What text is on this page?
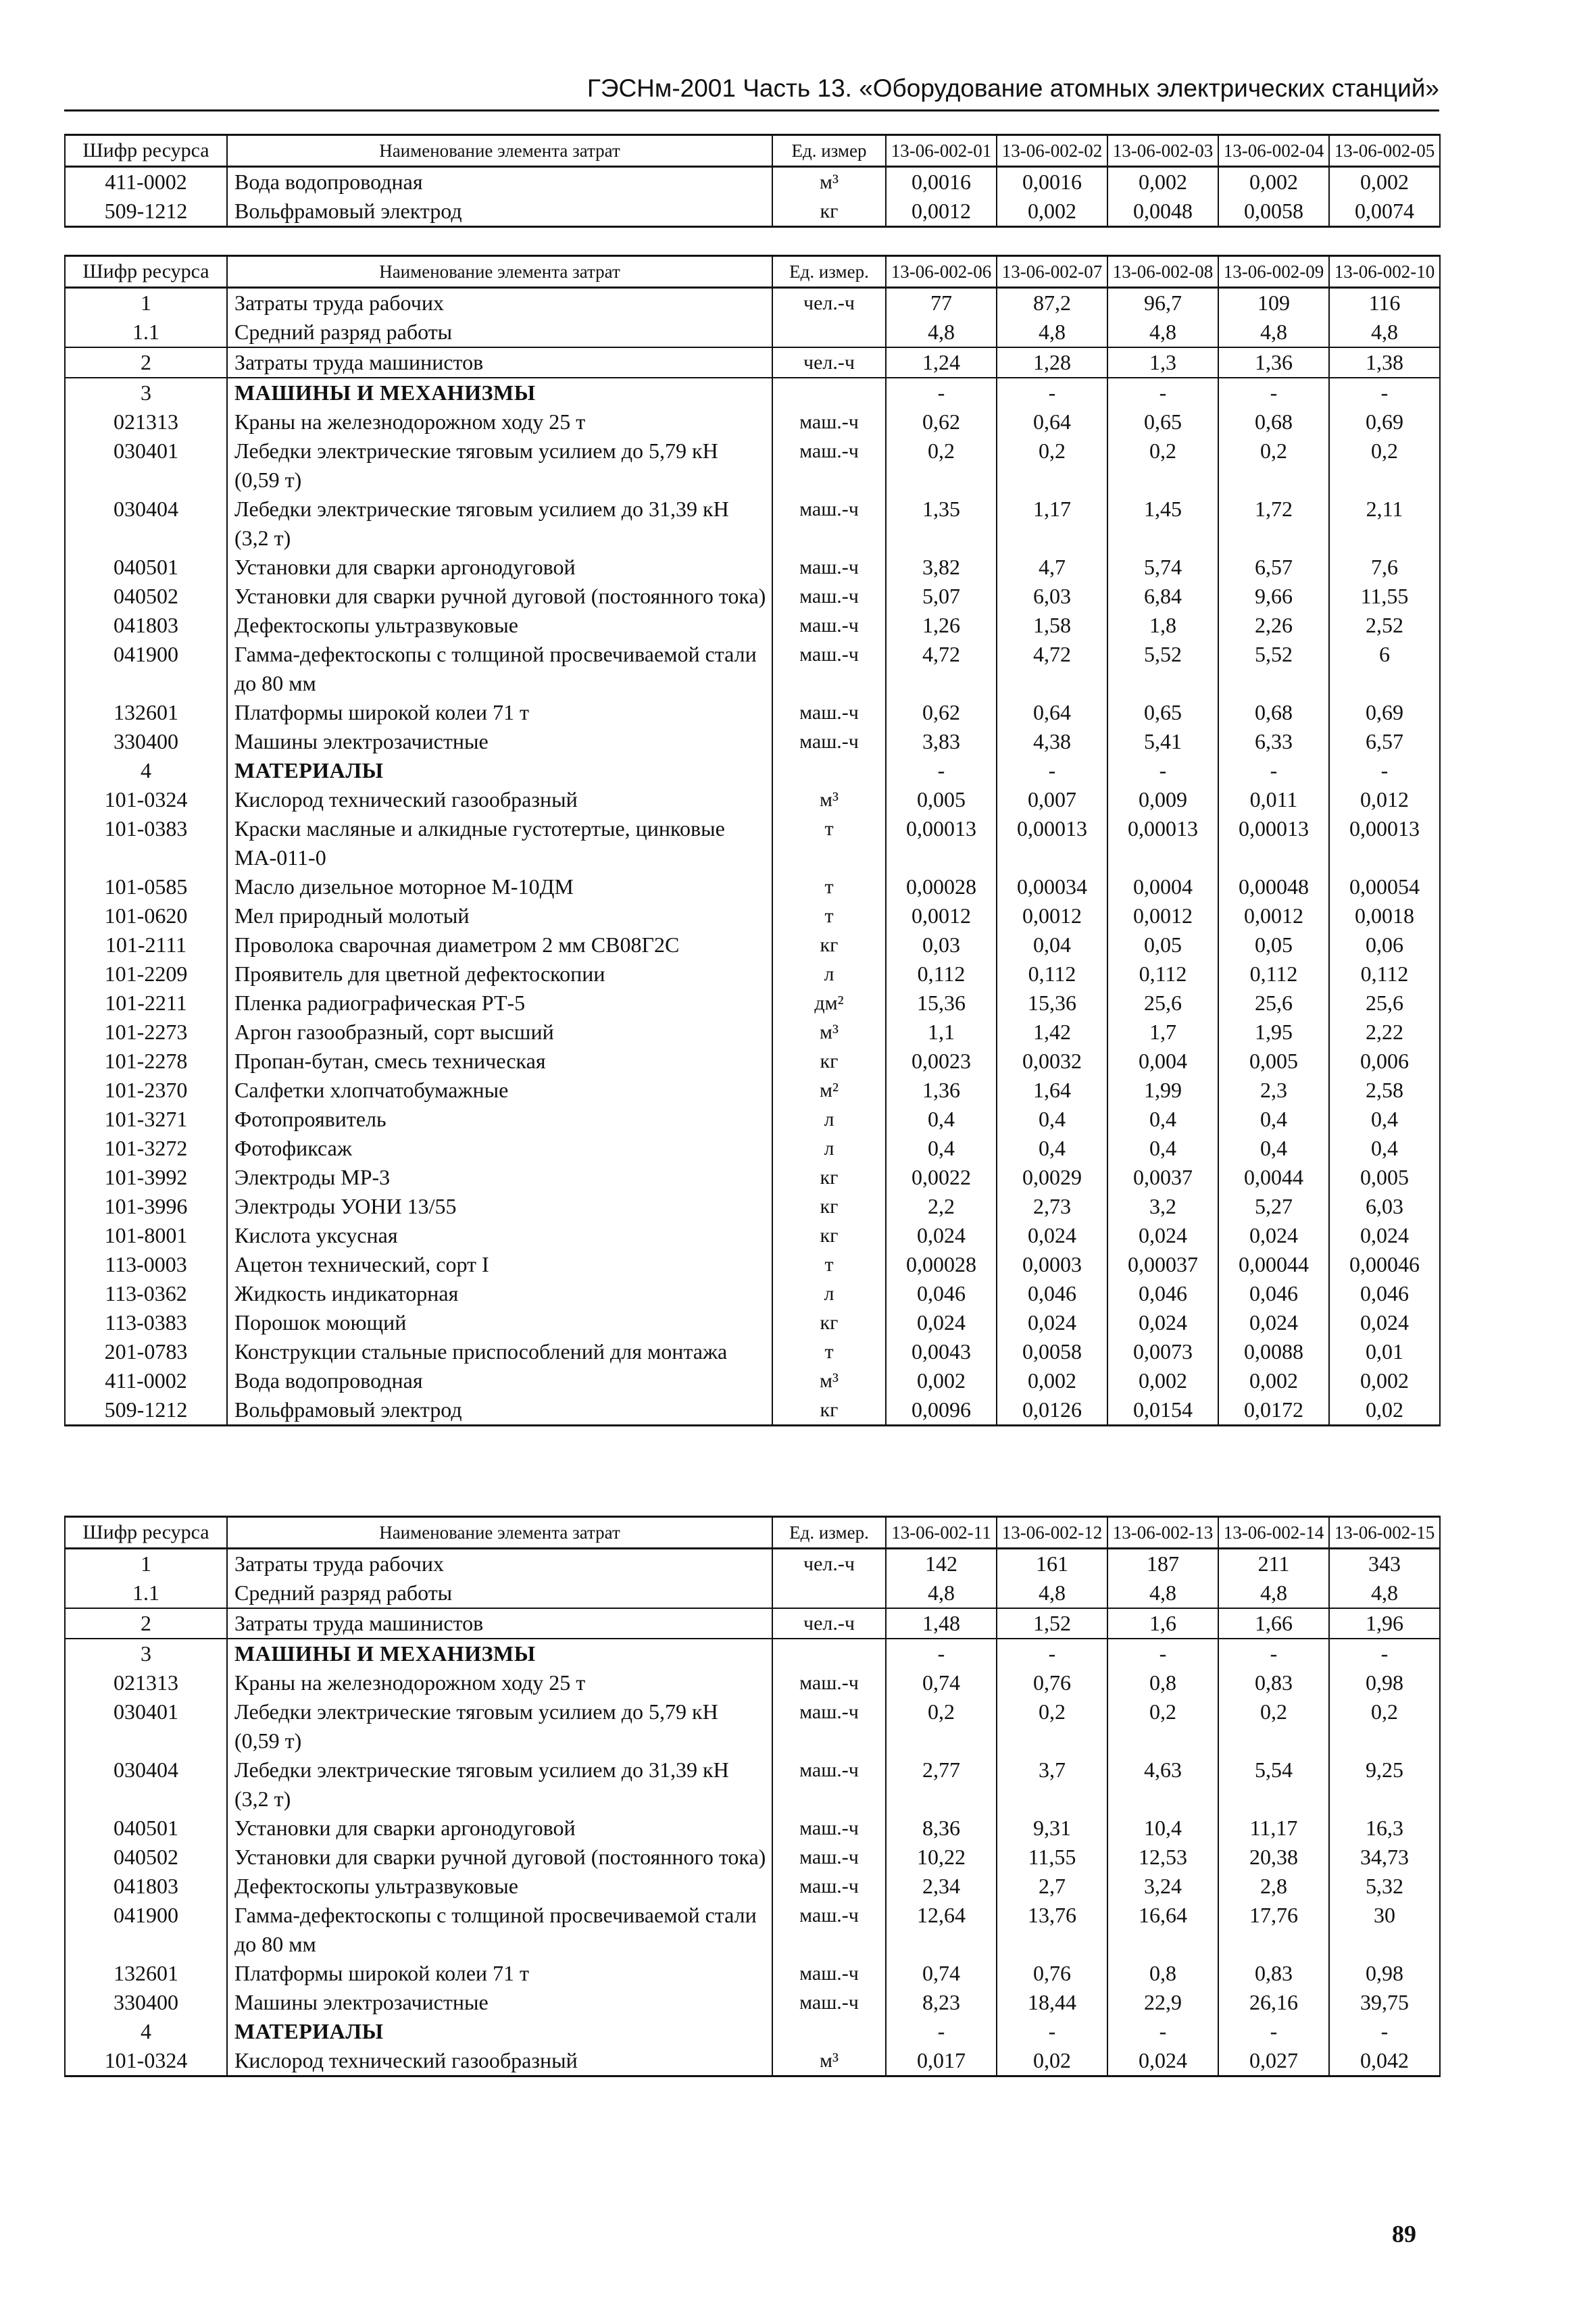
ГЭСНм-2001 Часть 13. «Оборудование атомных электрических станций»
Шифр ресурса	Наименование элемента затрат	Ед. измер	13-06-002-01	13-06-002-02	13-06-002-03	13-06-002-04	13-06-002-05
411-0002	Вода водопроводная	м³	0,0016	0,0016	0,002	0,002	0,002
509-1212	Вольфрамовый электрод	кг	0,0012	0,002	0,0048	0,0058	0,0074
Шифр ресурса	Наименование элемента затрат	Ед. измер.	13-06-002-06	13-06-002-07	13-06-002-08	13-06-002-09	13-06-002-10
1	Затраты труда рабочих	чел.-ч	77	87,2	96,7	109	116
1.1	Средний разряд работы		4,8	4,8	4,8	4,8	4,8
2	Затраты труда машинистов	чел.-ч	1,24	1,28	1,3	1,36	1,38
3	МАШИНЫ И МЕХАНИЗМЫ		-	-	-	-	-
021313	Краны на железнодорожном ходу 25 т	маш.-ч	0,62	0,64	0,65	0,68	0,69
030401	Лебедки электрические тяговым усилием до 5,79 кН (0,59 т)	маш.-ч	0,2	0,2	0,2	0,2	0,2
030404	Лебедки электрические тяговым усилием до 31,39 кН (3,2 т)	маш.-ч	1,35	1,17	1,45	1,72	2,11
040501	Установки для сварки аргонодуговой	маш.-ч	3,82	4,7	5,74	6,57	7,6
040502	Установки для сварки ручной дуговой (постоянного тока)	маш.-ч	5,07	6,03	6,84	9,66	11,55
041803	Дефектоскопы ультразвуковые	маш.-ч	1,26	1,58	1,8	2,26	2,52
041900	Гамма-дефектоскопы с толщиной просвечиваемой стали до 80 мм	маш.-ч	4,72	4,72	5,52	5,52	6
132601	Платформы широкой колеи 71 т	маш.-ч	0,62	0,64	0,65	0,68	0,69
330400	Машины электрозачистные	маш.-ч	3,83	4,38	5,41	6,33	6,57
4	МАТЕРИАЛЫ		-	-	-	-	-
101-0324	Кислород технический газообразный	м³	0,005	0,007	0,009	0,011	0,012
101-0383	Краски масляные и алкидные густотертые, цинковые МА-011-0	т	0,00013	0,00013	0,00013	0,00013	0,00013
101-0585	Масло дизельное моторное М-10ДМ	т	0,00028	0,00034	0,0004	0,00048	0,00054
101-0620	Мел природный молотый	т	0,0012	0,0012	0,0012	0,0012	0,0018
101-2111	Проволока сварочная диаметром 2 мм СВ08Г2С	кг	0,03	0,04	0,05	0,05	0,06
101-2209	Проявитель для цветной дефектоскопии	л	0,112	0,112	0,112	0,112	0,112
101-2211	Пленка радиографическая РТ-5	дм²	15,36	15,36	25,6	25,6	25,6
101-2273	Аргон газообразный, сорт высший	м³	1,1	1,42	1,7	1,95	2,22
101-2278	Пропан-бутан, смесь техническая	кг	0,0023	0,0032	0,004	0,005	0,006
101-2370	Салфетки хлопчатобумажные	м²	1,36	1,64	1,99	2,3	2,58
101-3271	Фотопроявитель	л	0,4	0,4	0,4	0,4	0,4
101-3272	Фотофиксаж	л	0,4	0,4	0,4	0,4	0,4
101-3992	Электроды МР-3	кг	0,0022	0,0029	0,0037	0,0044	0,005
101-3996	Электроды УОНИ 13/55	кг	2,2	2,73	3,2	5,27	6,03
101-8001	Кислота уксусная	кг	0,024	0,024	0,024	0,024	0,024
113-0003	Ацетон технический, сорт I	т	0,00028	0,0003	0,00037	0,00044	0,00046
113-0362	Жидкость индикаторная	л	0,046	0,046	0,046	0,046	0,046
113-0383	Порошок моющий	кг	0,024	0,024	0,024	0,024	0,024
201-0783	Конструкции стальные приспособлений для монтажа	т	0,0043	0,0058	0,0073	0,0088	0,01
411-0002	Вода водопроводная	м³	0,002	0,002	0,002	0,002	0,002
509-1212	Вольфрамовый электрод	кг	0,0096	0,0126	0,0154	0,0172	0,02
Шифр ресурса	Наименование элемента затрат	Ед. измер.	13-06-002-11	13-06-002-12	13-06-002-13	13-06-002-14	13-06-002-15
1	Затраты труда рабочих	чел.-ч	142	161	187	211	343
1.1	Средний разряд работы		4,8	4,8	4,8	4,8	4,8
2	Затраты труда машинистов	чел.-ч	1,48	1,52	1,6	1,66	1,96
3	МАШИНЫ И МЕХАНИЗМЫ		-	-	-	-	-
021313	Краны на железнодорожном ходу 25 т	маш.-ч	0,74	0,76	0,8	0,83	0,98
030401	Лебедки электрические тяговым усилием до 5,79 кН (0,59 т)	маш.-ч	0,2	0,2	0,2	0,2	0,2
030404	Лебедки электрические тяговым усилием до 31,39 кН (3,2 т)	маш.-ч	2,77	3,7	4,63	5,54	9,25
040501	Установки для сварки аргонодуговой	маш.-ч	8,36	9,31	10,4	11,17	16,3
040502	Установки для сварки ручной дуговой (постоянного тока)	маш.-ч	10,22	11,55	12,53	20,38	34,73
041803	Дефектоскопы ультразвуковые	маш.-ч	2,34	2,7	3,24	2,8	5,32
041900	Гамма-дефектоскопы с толщиной просвечиваемой стали до 80 мм	маш.-ч	12,64	13,76	16,64	17,76	30
132601	Платформы широкой колеи 71 т	маш.-ч	0,74	0,76	0,8	0,83	0,98
330400	Машины электрозачистные	маш.-ч	8,23	18,44	22,9	26,16	39,75
4	МАТЕРИАЛЫ		-	-	-	-	-
101-0324	Кислород технический газообразный	м³	0,017	0,02	0,024	0,027	0,042
89
